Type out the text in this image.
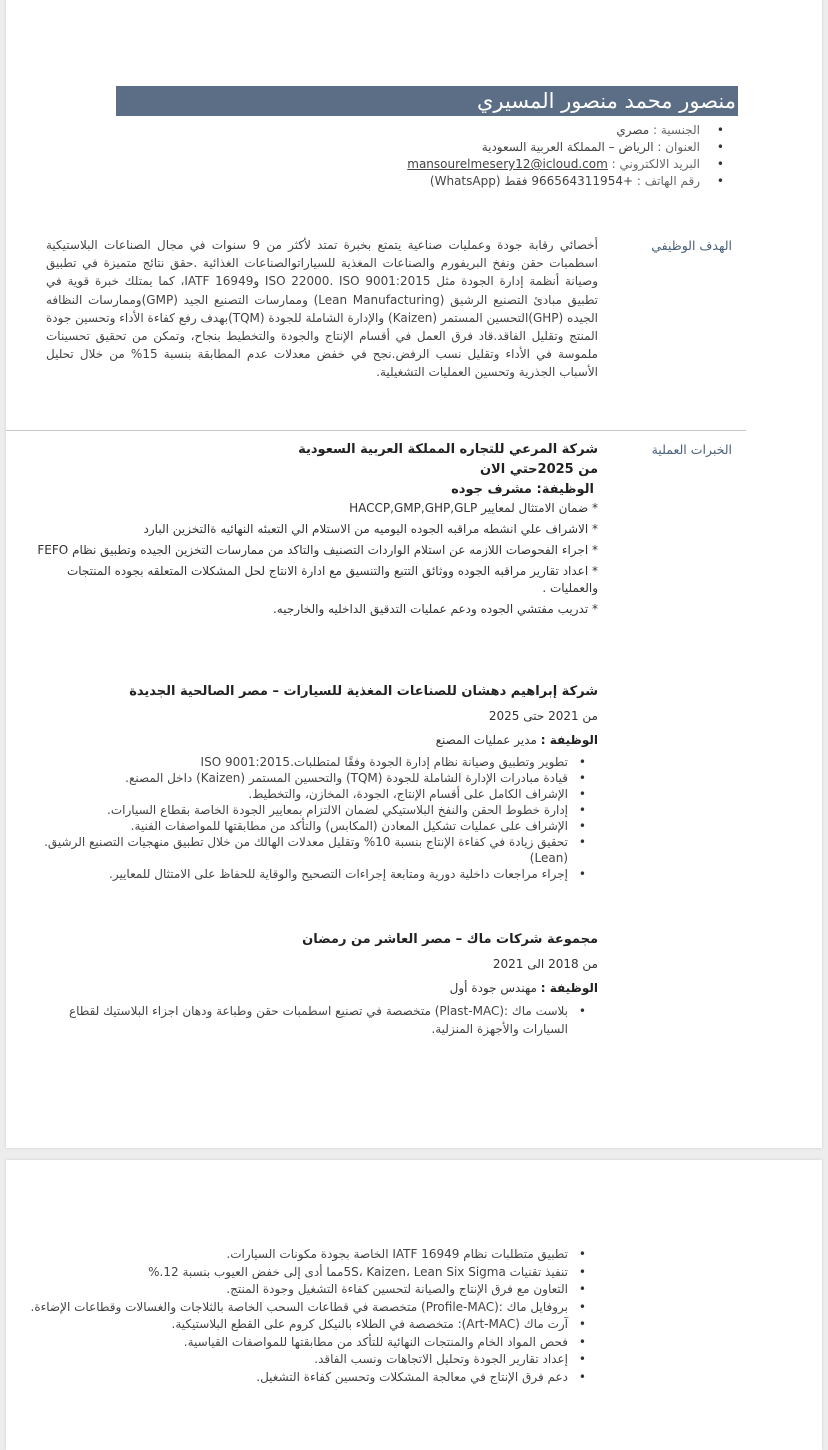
منصور محمد منصور المسيري
• الجنسية : مصري
• العنوان : الرياض – المملكة العربية السعودية
• البريد الالكتروني : mansourelmesery12@icloud.com
• رقم الهاتف : +966564311954 فقط (WhatsApp)
الهدف الوظيفي

أخصائي رقابة جودة وعمليات صناعية يتمتع بخبرة تمتد لأكثر من 9 سنوات في مجال الصناعات البلاستيكية اسطمبات حقن ونفخ البريفورم والصناعات المغذية للسياراتوالصناعات الغذائية .حقق نتائج متميزة في تطبيق وصيانة أنظمة إدارة الجودة مثل ISO 22000. ISO 9001:2015 وIATF 16949، كما يمتلك خبرة قوية في تطبيق مبادئ التصنيع الرشيق (Lean Manufacturing) وممارسات التصنيع الجيد (GMP)وممارسات النظافه الجيده (GHP)التحسين المستمر (Kaizen) والإدارة الشاملة للجودة (TQM)بهدف رفع كفاءة الأداء وتحسين جودة المنتج وتقليل الفاقد.قاد فرق العمل في أقسام الإنتاج والجودة والتخطيط بنجاح، وتمكن من تحقيق تحسينات ملموسة في الأداء وتقليل نسب الرفض.نجح في خفض معدلات عدم المطابقة بنسبة 15% من خلال تحليل الأسباب الجذرية وتحسين العمليات التشغيلية.

الخبرات العملية

شركة المرعي للتجاره المملكة العربية السعودية

من 2025حتي الان

الوظيفة: مشرف جوده

* ضمان الامتثال لمعايير HACCP,GMP,GHP,GLP

* الاشراف علي انشطه مراقبه الجوده اليوميه من الاستلام الي التعبئه النهائيه ةالتخزين البارد

* اجراء الفحوصات اللازمه عن استلام الواردات التصنيف والتاكد من ممارسات التخزين الجيده وتطبيق نظام FEFO

* اعداد تقارير مراقبه الجوده ووثائق التتبع والتنسيق مع ادارة الانتاج لحل المشكلات المتعلقه بجوده المنتجات والعمليات .

* تدريب مفتشي الجوده ودعم عمليات التدقيق الداخليه والخارجيه.

شركة إبراهيم دهشان للصناعات المغذية للسيارات – مصر الصالحية الجديدة

من 2021 حتى 2025

الوظيفة : مدير عمليات المصنع

• تطوير وتطبيق وصيانة نظام إدارة الجودة وفقًا لمتطلبات.ISO 9001:2015
• قيادة مبادرات الإدارة الشاملة للجودة (TQM) والتحسين المستمر (Kaizen) داخل المصنع.
• الإشراف الكامل على أقسام الإنتاج، الجودة، المخازن، والتخطيط.
• إدارة خطوط الحقن والنفخ البلاستيكي لضمان الالتزام بمعايير الجودة الخاصة بقطاع السيارات.
• الإشراف على عمليات تشكيل المعادن (المكابس) والتأكد من مطابقتها للمواصفات الفنية.
• تحقيق زيادة في كفاءة الإنتاج بنسبة 10% وتقليل معدلات الهالك من خلال تطبيق منهجيات التصنيع الرشيق.(Lean)
• إجراء مراجعات داخلية دورية ومتابعة إجراءات التصحيح والوقاية للحفاظ على الامتثال للمعايير.

مجموعة شركات ماك – مصر العاشر من رمضان

من 2018 الى 2021

الوظيفة : مهندس جودة أول

• بلاست ماك :(Plast-MAC) متخصصة في تصنيع اسطمبات حقن وطباعة ودهان اجزاء البلاستيك لقطاع السيارات والأجهزة المنزلية.
• تطبيق متطلبات نظام IATF 16949 الخاصة بجودة مكونات السيارات.
• تنفيذ تقنيات 5S، Kaizen، Lean Six Sigmaمما أدى إلى خفض العيوب بنسبة 12.%
• التعاون مع فرق الإنتاج والصيانة لتحسين كفاءة التشغيل وجودة المنتج.
• بروفايل ماك :(Profile-MAC) متخصصة في قطاعات السحب الخاصة بالثلاجات والغسالات وقطاعات الإضاءة.
• آرت ماك (Art-MAC): متخصصة في الطلاء بالنيكل كروم على القطع البلاستيكية.
• فحص المواد الخام والمنتجات النهائية للتأكد من مطابقتها للمواصفات القياسية.
• إعداد تقارير الجودة وتحليل الاتجاهات ونسب الفاقد.
• دعم فرق الإنتاج في معالجة المشكلات وتحسين كفاءة التشغيل.
